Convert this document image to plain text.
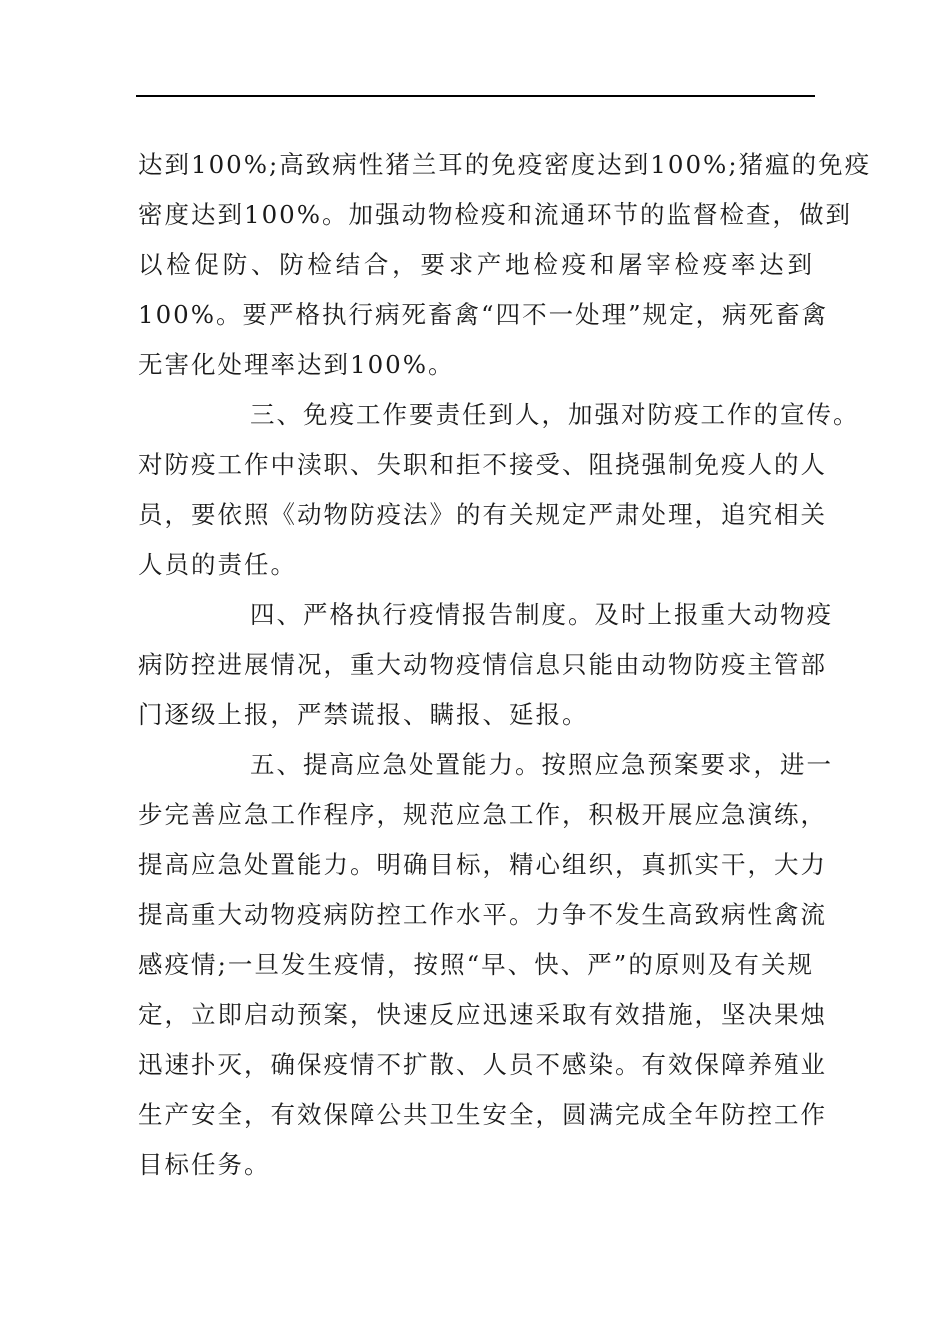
达到100%;高致病性猪兰耳的免疫密度达到100%;猪瘟的免疫
密度达到100%。加强动物检疫和流通环节的监督检查，做到
以检促防、防检结合，要求产地检疫和屠宰检疫率达到
100%。要严格执行病死畜禽“四不一处理”规定，病死畜禽
无害化处理率达到100%。

三、免疫工作要责任到人，加强对防疫工作的宣传。
对防疫工作中渎职、失职和拒不接受、阻挠强制免疫人的人
员，要依照《动物防疫法》的有关规定严肃处理，追究相关
人员的责任。

四、严格执行疫情报告制度。及时上报重大动物疫
病防控进展情况，重大动物疫情信息只能由动物防疫主管部
门逐级上报，严禁谎报、瞒报、延报。

五、提高应急处置能力。按照应急预案要求，进一
步完善应急工作程序，规范应急工作，积极开展应急演练，
提高应急处置能力。明确目标，精心组织，真抓实干，大力
提高重大动物疫病防控工作水平。力争不发生高致病性禽流
感疫情;一旦发生疫情，按照“早、快、严”的原则及有关规
定，立即启动预案，快速反应迅速采取有效措施，坚决果烛
迅速扑灭，确保疫情不扩散、人员不感染。有效保障养殖业
生产安全，有效保障公共卫生安全，圆满完成全年防控工作
目标任务。
